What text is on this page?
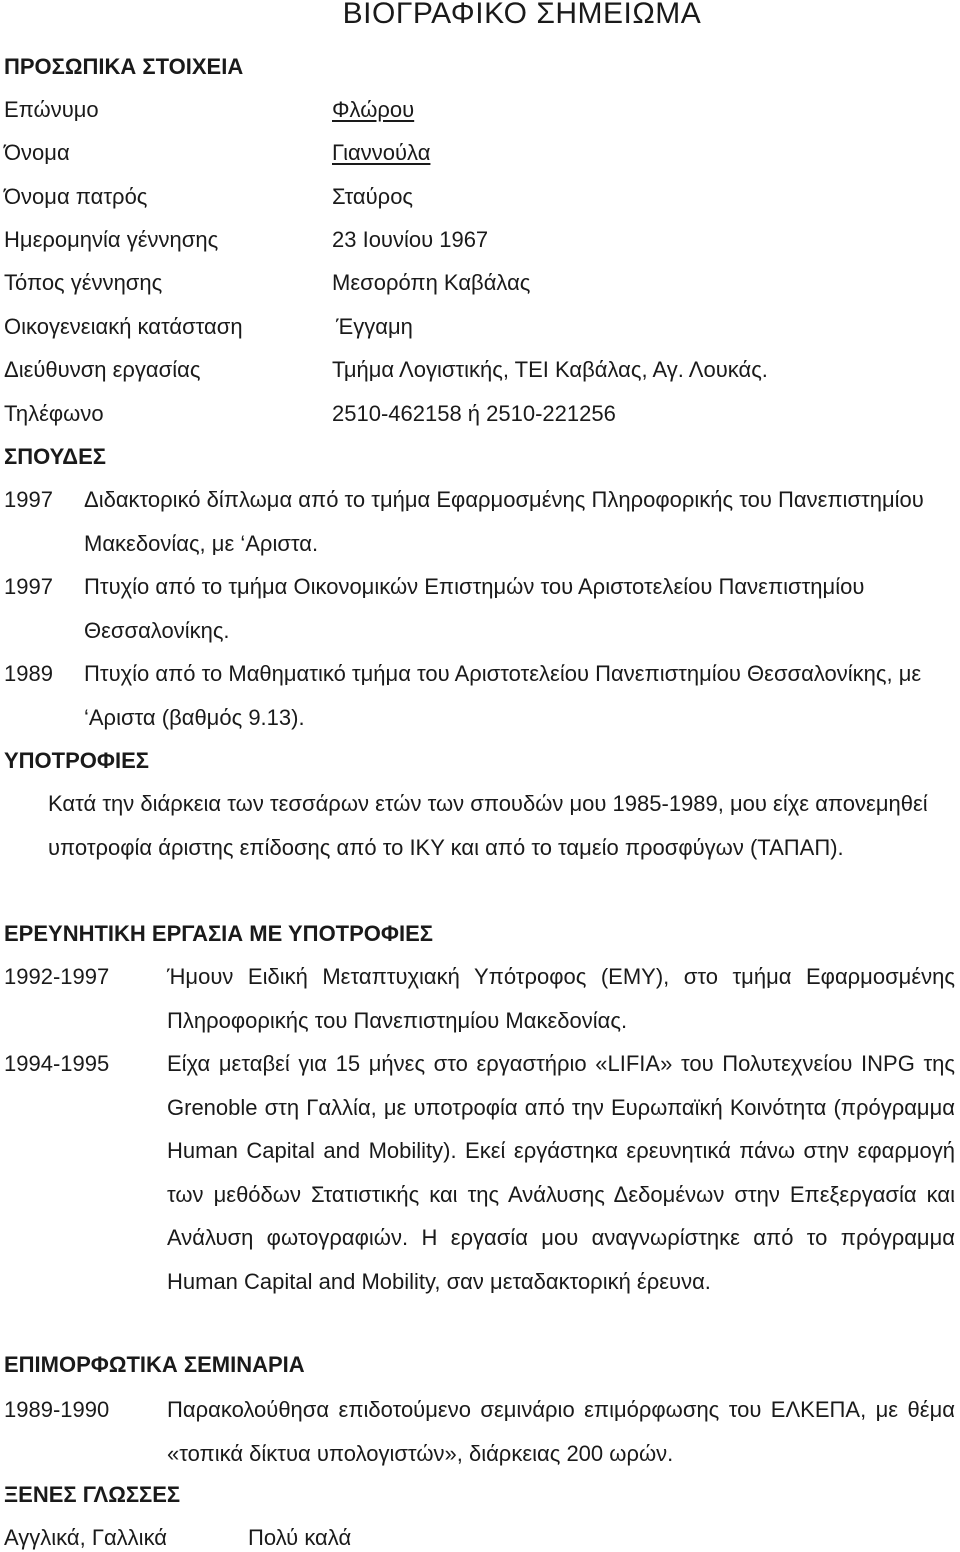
ΒΙΟΓΡΑΦΙΚΟ ΣΗΜΕΙΩΜΑ
ΠΡΟΣΩΠΙΚΑ ΣΤΟΙΧΕΙΑ
Επώνυμο	Φλώρου
Όνομα	Γιαννούλα
Όνομα πατρός	Σταύρος
Ημερομηνία γέννησης	23 Ιουνίου 1967
Τόπος γέννησης	Μεσορόπη Καβάλας
Οικογενειακή κατάσταση	Έγγαμη
Διεύθυνση εργασίας	Τμήμα Λογιστικής, ΤΕΙ Καβάλας, Αγ. Λουκάς.
Τηλέφωνο	2510-462158 ή 2510-221256
ΣΠΟΥΔΕΣ
1997 Διδακτορικό δίπλωμα από το τμήμα Εφαρμοσμένης Πληροφορικής του Πανεπιστημίου Μακεδονίας, με ‘Αριστα.
1997 Πτυχίο από το τμήμα Οικονομικών Επιστημών του Αριστοτελείου Πανεπιστημίου Θεσσαλονίκης.
1989 Πτυχίο από το Μαθηματικό τμήμα του Αριστοτελείου Πανεπιστημίου Θεσσαλονίκης, με ‘Αριστα (βαθμός 9.13).
ΥΠΟΤΡΟΦΙΕΣ
Κατά την διάρκεια των τεσσάρων ετών των σπουδών μου 1985-1989, μου είχε απονεμηθεί υποτροφία άριστης επίδοσης από το ΙΚΥ και από το ταμείο προσφύγων (ΤΑΠΑΠ).
ΕΡΕΥΝΗΤΙΚΗ ΕΡΓΑΣΙΑ ΜΕ ΥΠΟΤΡΟΦΙΕΣ
1992-1997	Ήμουν Ειδική Μεταπτυχιακή Υπότροφος (ΕΜΥ), στο τμήμα Εφαρμοσμένης Πληροφορικής του Πανεπιστημίου Μακεδονίας.
1994-1995	Είχα μεταβεί για 15 μήνες στο εργαστήριο «LIFIA» του Πολυτεχνείου INPG της Grenoble στη Γαλλία, με υποτροφία από την Ευρωπαϊκή Κοινότητα (πρόγραμμα Human Capital and Mobility). Εκεί εργάστηκα ερευνητικά πάνω στην εφαρμογή των μεθόδων Στατιστικής και της Ανάλυσης Δεδομένων στην Επεξεργασία και Ανάλυση φωτογραφιών. Η εργασία μου αναγνωρίστηκε από το πρόγραμμα Human Capital and Mobility, σαν μεταδακτορική έρευνα.
ΕΠΙΜΟΡΦΩΤΙΚΑ ΣΕΜΙΝΑΡΙΑ
1989-1990	Παρακολούθησα επιδοτούμενο σεμινάριο επιμόρφωσης του ΕΛΚΕΠΑ, με θέμα «τοπικά δίκτυα υπολογιστών», διάρκειας 200 ωρών.
ΞΕΝΕΣ ΓΛΩΣΣΕΣ
Αγγλικά, Γαλλικά	Πολύ καλά
